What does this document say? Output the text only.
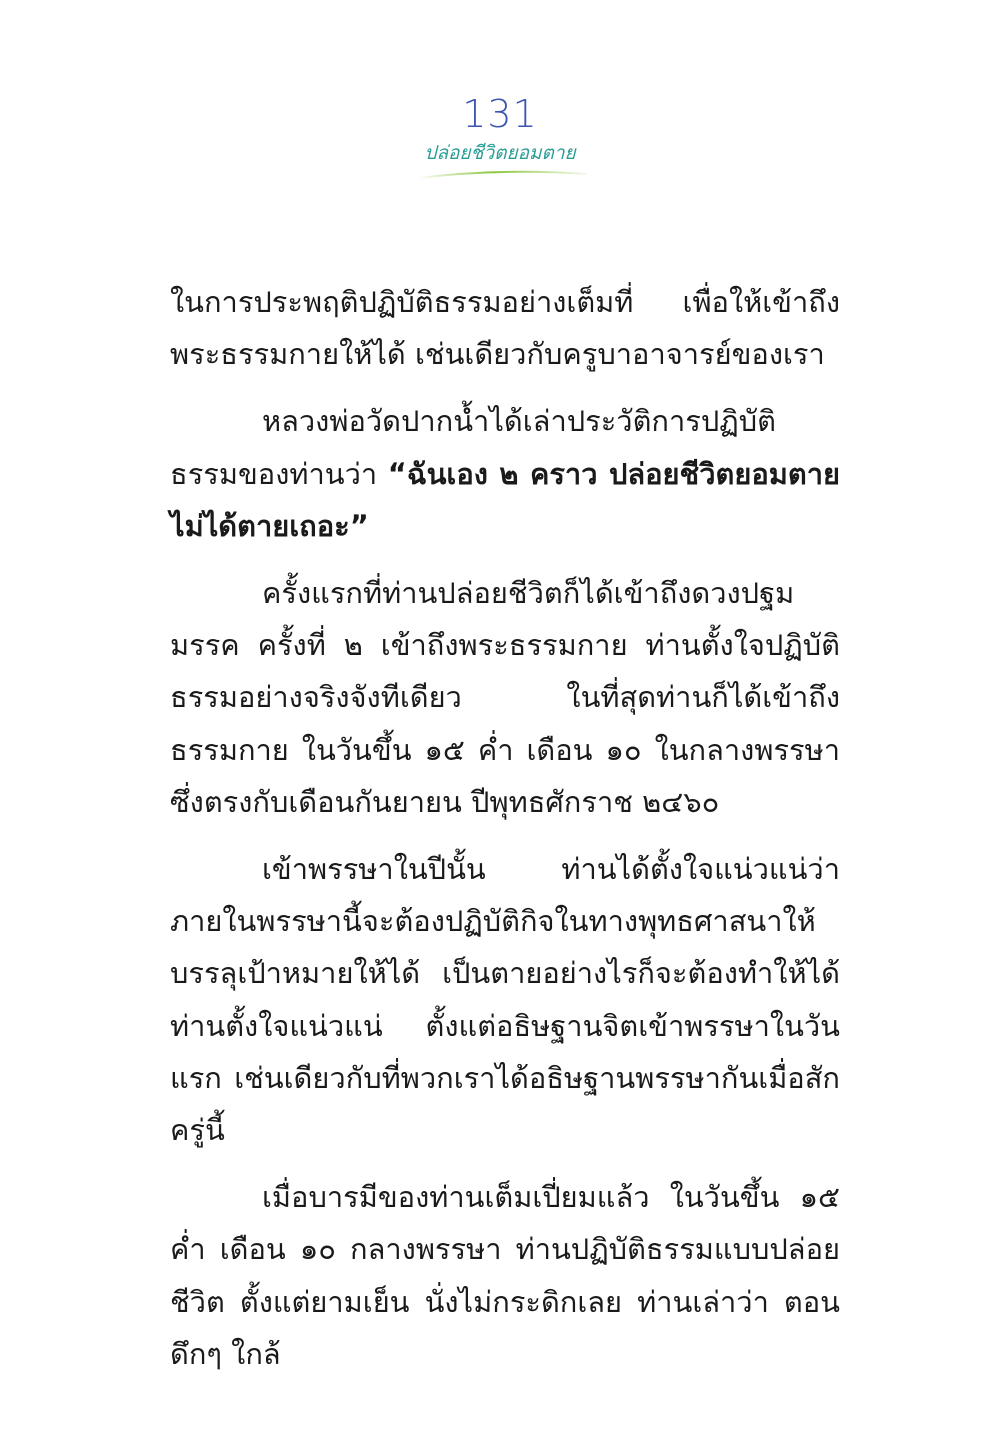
131
ปล่อยชีวิตยอมตาย

ในการประพฤติปฏิบัติธรรมอย่างเต็มที่ เพื่อให้เข้าถึงพระธรรมกายให้ได้ เช่นเดียวกับครูบาอาจารย์ของเรา

หลวงพ่อวัดปากน้ำได้เล่าประวัติการปฏิบัติธรรมของท่านว่า “ฉันเอง ๒ คราว ปล่อยชีวิตยอมตาย ไม่ได้ตายเถอะ”

ครั้งแรกที่ท่านปล่อยชีวิตก็ได้เข้าถึงดวงปฐมมรรค ครั้งที่ ๒ เข้าถึงพระธรรมกาย ท่านตั้งใจปฏิบัติธรรมอย่างจริงจังทีเดียว ในที่สุดท่านก็ได้เข้าถึงธรรมกาย ในวันขึ้น ๑๕ ค่ำ เดือน ๑๐ ในกลางพรรษา ซึ่งตรงกับเดือนกันยายน ปีพุทธศักราช ๒๔๖๐

เข้าพรรษาในปีนั้น ท่านได้ตั้งใจแน่วแน่ว่า ภายในพรรษานี้จะต้องปฏิบัติกิจในทางพุทธศาสนาให้บรรลุเป้าหมายให้ได้ เป็นตายอย่างไรก็จะต้องทำให้ได้ ท่านตั้งใจแน่วแน่ ตั้งแต่อธิษฐานจิตเข้าพรรษาในวันแรก เช่นเดียวกับที่พวกเราได้อธิษฐานพรรษากันเมื่อสักครู่นี้

เมื่อบารมีของท่านเต็มเปี่ยมแล้ว ในวันขึ้น ๑๕ ค่ำ เดือน ๑๐ กลางพรรษา ท่านปฏิบัติธรรมแบบปล่อยชีวิต ตั้งแต่ยามเย็น นั่งไม่กระดิกเลย ท่านเล่าว่า ตอนดึกๆ ใกล้
